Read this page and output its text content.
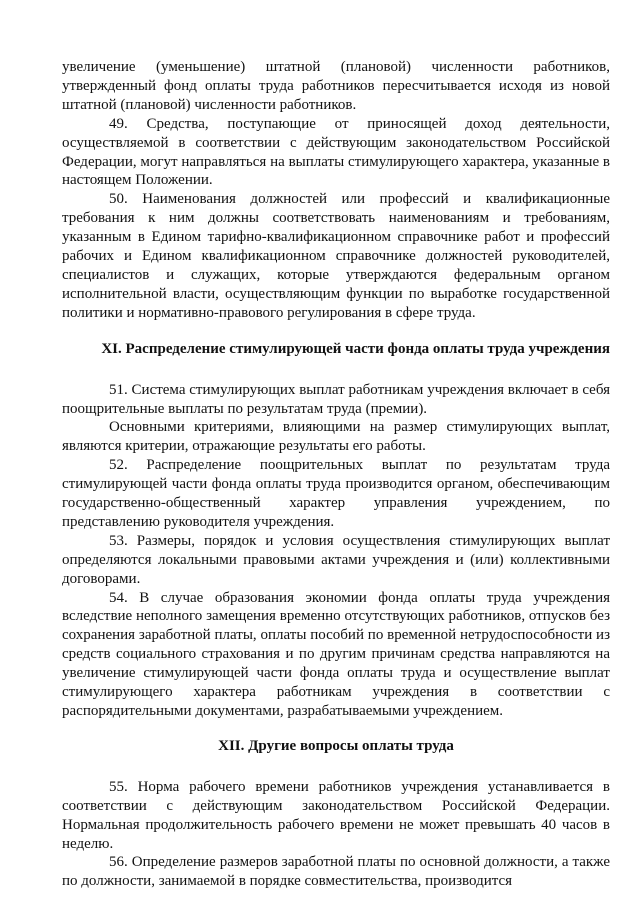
увеличение (уменьшение) штатной (плановой) численности работников, утвержденный фонд оплаты труда работников пересчитывается исходя из новой штатной (плановой) численности работников.

49. Средства, поступающие от приносящей доход деятельности, осуществляемой в соответствии с действующим законодательством Российской Федерации, могут направляться на выплаты стимулирующего характера, указанные в настоящем Положении.

50. Наименования должностей или профессий и квалификационные требования к ним должны соответствовать наименованиям и требованиям, указанным в Едином тарифно-квалификационном справочнике работ и профессий рабочих и Едином квалификационном справочнике должностей руководителей, специалистов и служащих, которые утверждаются федеральным органом исполнительной власти, осуществляющим функции по выработке государственной политики и нормативно-правового регулирования в сфере труда.

XI. Распределение стимулирующей части фонда оплаты труда учреждения

51. Система стимулирующих выплат работникам учреждения включает в себя поощрительные выплаты по результатам труда (премии).

Основными критериями, влияющими на размер стимулирующих выплат, являются критерии, отражающие результаты его работы.

52. Распределение поощрительных выплат по результатам труда стимулирующей части фонда оплаты труда производится органом, обеспечивающим государственно-общественный характер управления учреждением, по представлению руководителя учреждения.

53. Размеры, порядок и условия осуществления стимулирующих выплат определяются локальными правовыми актами учреждения и (или) коллективными договорами.

54. В случае образования экономии фонда оплаты труда учреждения вследствие неполного замещения временно отсутствующих работников, отпусков без сохранения заработной платы, оплаты пособий по временной нетрудоспособности из средств социального страхования и по другим причинам средства направляются на увеличение стимулирующей части фонда оплаты труда и осуществление выплат стимулирующего характера работникам учреждения в соответствии с распорядительными документами, разрабатываемыми учреждением.

XII. Другие вопросы оплаты труда

55. Норма рабочего времени работников учреждения устанавливается в соответствии с действующим законодательством Российской Федерации. Нормальная продолжительность рабочего времени не может превышать 40 часов в неделю.

56. Определение размеров заработной платы по основной должности, а также по должности, занимаемой в порядке совместительства, производится
